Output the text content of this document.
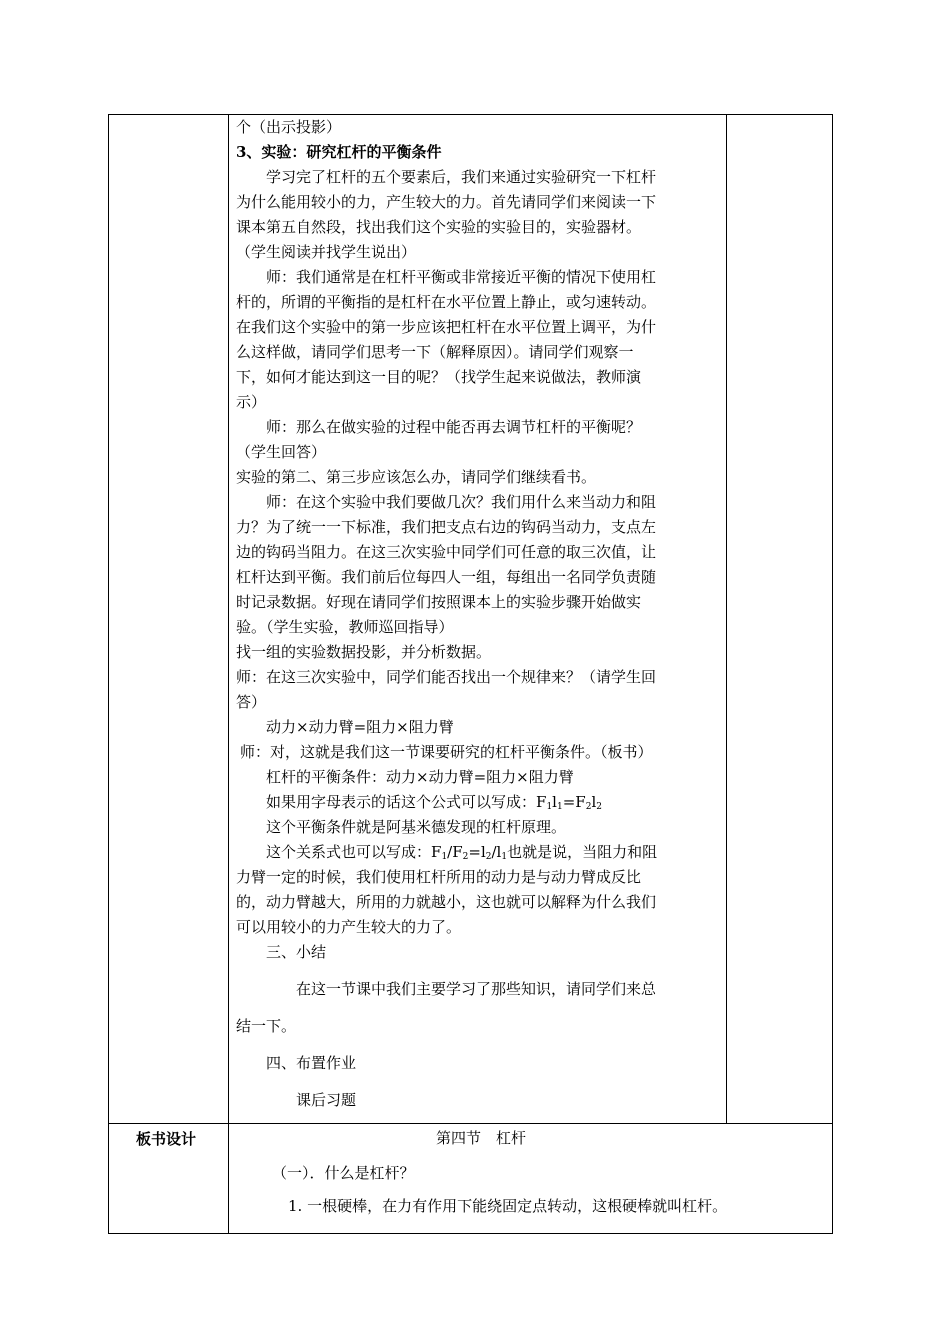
个（出示投影）
3、实验：研究杠杆的平衡条件
学习完了杠杆的五个要素后，我们来通过实验研究一下杠杆
为什么能用较小的力，产生较大的力。首先请同学们来阅读一下
课本第五自然段，找出我们这个实验的实验目的，实验器材。
（学生阅读并找学生说出）
师：我们通常是在杠杆平衡或非常接近平衡的情况下使用杠
杆的，所谓的平衡指的是杠杆在水平位置上静止，或匀速转动。
在我们这个实验中的第一步应该把杠杆在水平位置上调平，为什
么这样做，请同学们思考一下（解释原因）。请同学们观察一
下，如何才能达到这一目的呢？（找学生起来说做法，教师演
示）
师：那么在做实验的过程中能否再去调节杠杆的平衡呢？
（学生回答）
实验的第二、第三步应该怎么办，请同学们继续看书。
师：在这个实验中我们要做几次？我们用什么来当动力和阻
力？为了统一一下标准，我们把支点右边的钩码当动力，支点左
边的钩码当阻力。在这三次实验中同学们可任意的取三次值，让
杠杆达到平衡。我们前后位每四人一组，每组出一名同学负责随
时记录数据。好现在请同学们按照课本上的实验步骤开始做实
验。（学生实验，教师巡回指导）
找一组的实验数据投影，并分析数据。
师：在这三次实验中，同学们能否找出一个规律来？（请学生回
答）
动力×动力臂=阻力×阻力臂
师：对，这就是我们这一节课要研究的杠杆平衡条件。（板书）
杠杆的平衡条件：动力×动力臂=阻力×阻力臂
如果用字母表示的话这个公式可以写成：$F_1l_1=F_2l_2$
这个平衡条件就是阿基米德发现的杠杆原理。
这个关系式也可以写成：$F_1/F_2=l_2/l_1$也就是说，当阻力和阻
力臂一定的时候，我们使用杠杆所用的动力是与动力臂成反比
的，动力臂越大，所用的力就越小，这也就可以解释为什么我们
可以用较小的力产生较大的力了。
三、小结
在这一节课中我们主要学习了那些知识，请同学们来总
结一下。
四、布置作业
课后习题
板书设计	第四节　杠杆
（一）．什么是杠杆？
1. 一根硬棒，在力有作用下能绕固定点转动，这根硬棒就叫杠杆。
